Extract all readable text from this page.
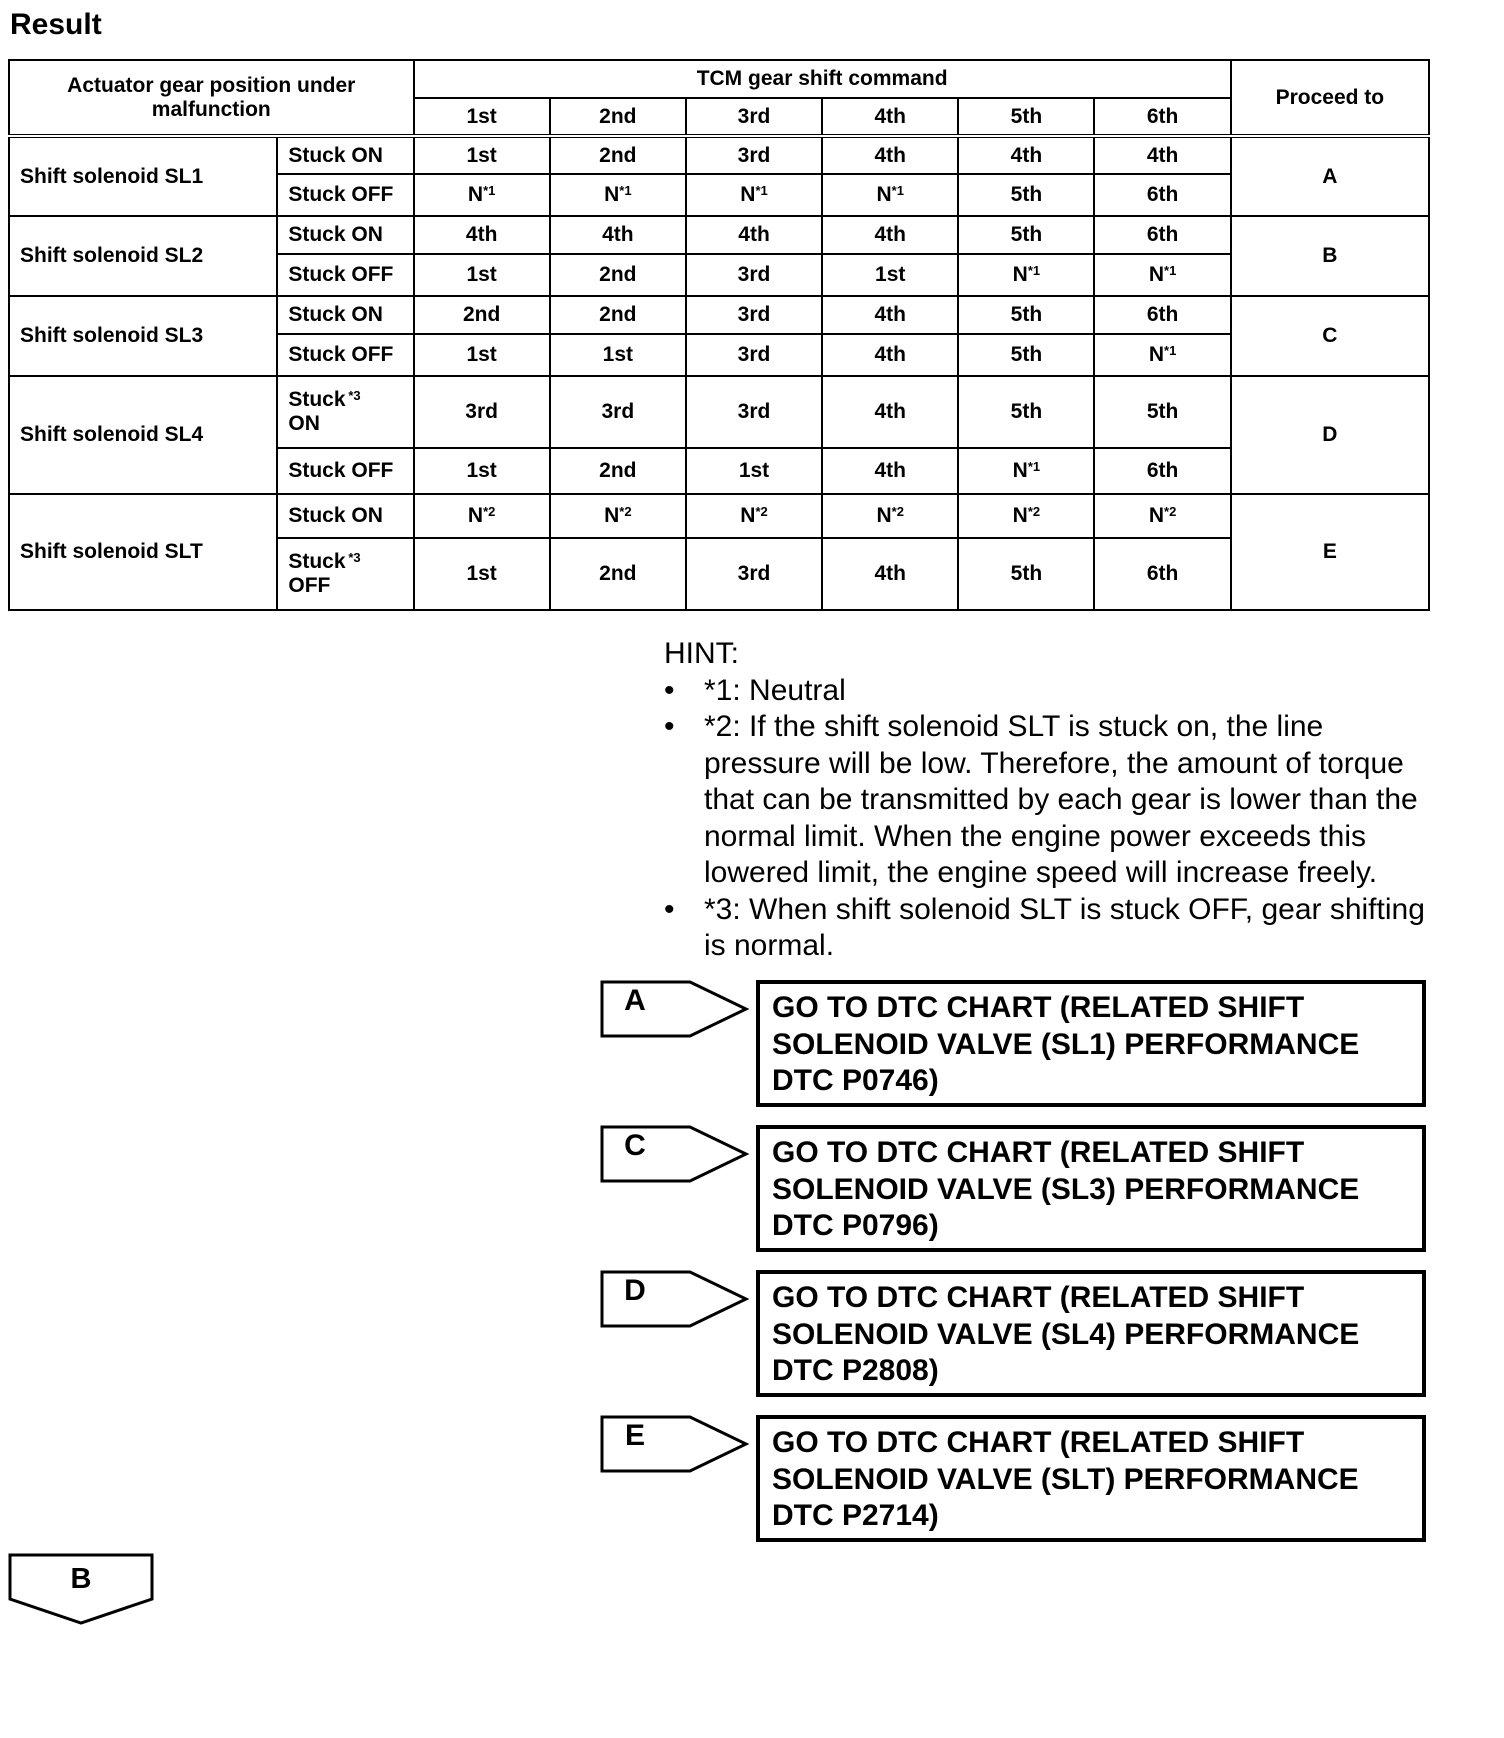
Result
Actuator gear position under malfunction		TCM gear shift command						Proceed to
		1st	2nd	3rd	4th	5th	6th	
Shift solenoid SL1	Stuck ON	1st	2nd	3rd	4th	4th	4th	A
	Stuck OFF	$N^{*1}$	$N^{*1}$	$N^{*1}$	$N^{*1}$	5th	6th	
Shift solenoid SL2	Stuck ON	4th	4th	4th	4th	5th	6th	B
	Stuck OFF	1st	2nd	3rd	1st	$N^{*1}$	$N^{*1}$
Shift solenoid SL3	Stuck ON	2nd	2nd	3rd	4th	5th	6th	C
	Stuck OFF	1st	1st	3rd	4th	5th	$N^{*1}$
Shift solenoid SL4	Stuck ON$^{*3}$	3rd	3rd	3rd	4th	5th	5th	D
	Stuck OFF	1st	2nd	1st	4th	$N^{*1}$	6th	
Shift solenoid SLT	Stuck ON	$N^{*2}$	$N^{*2}$	$N^{*2}$	$N^{*2}$	$N^{*2}$	$N^{*2}$	E
	Stuck OFF$^{*3}$	1st	2nd	3rd	4th	5th	6th	

HINT:

• *1: Neutral
• *2: If the shift solenoid SLT is stuck on, the line pressure will be low. Therefore, the amount of torque that can be transmitted by each gear is lower than the normal limit. When the engine power exceeds this lowered limit, the engine speed will increase freely.
• *3: When shift solenoid SLT is stuck OFF, gear shifting is normal.
A	GO TO DTC CHART (RELATED SHIFT
SOLENOID VALVE (SL1) PERFORMANCE
DTC P0746)
C	GO TO DTC CHART (RELATED SHIFT
SOLENOID VALVE (SL3) PERFORMANCE
DTC P0796)
D	GO TO DTC CHART (RELATED SHIFT
SOLENOID VALVE (SL4) PERFORMANCE
DTC P2808)
E	GO TO DTC CHART (RELATED SHIFT
SOLENOID VALVE (SLT) PERFORMANCE
DTC P2714)
B
